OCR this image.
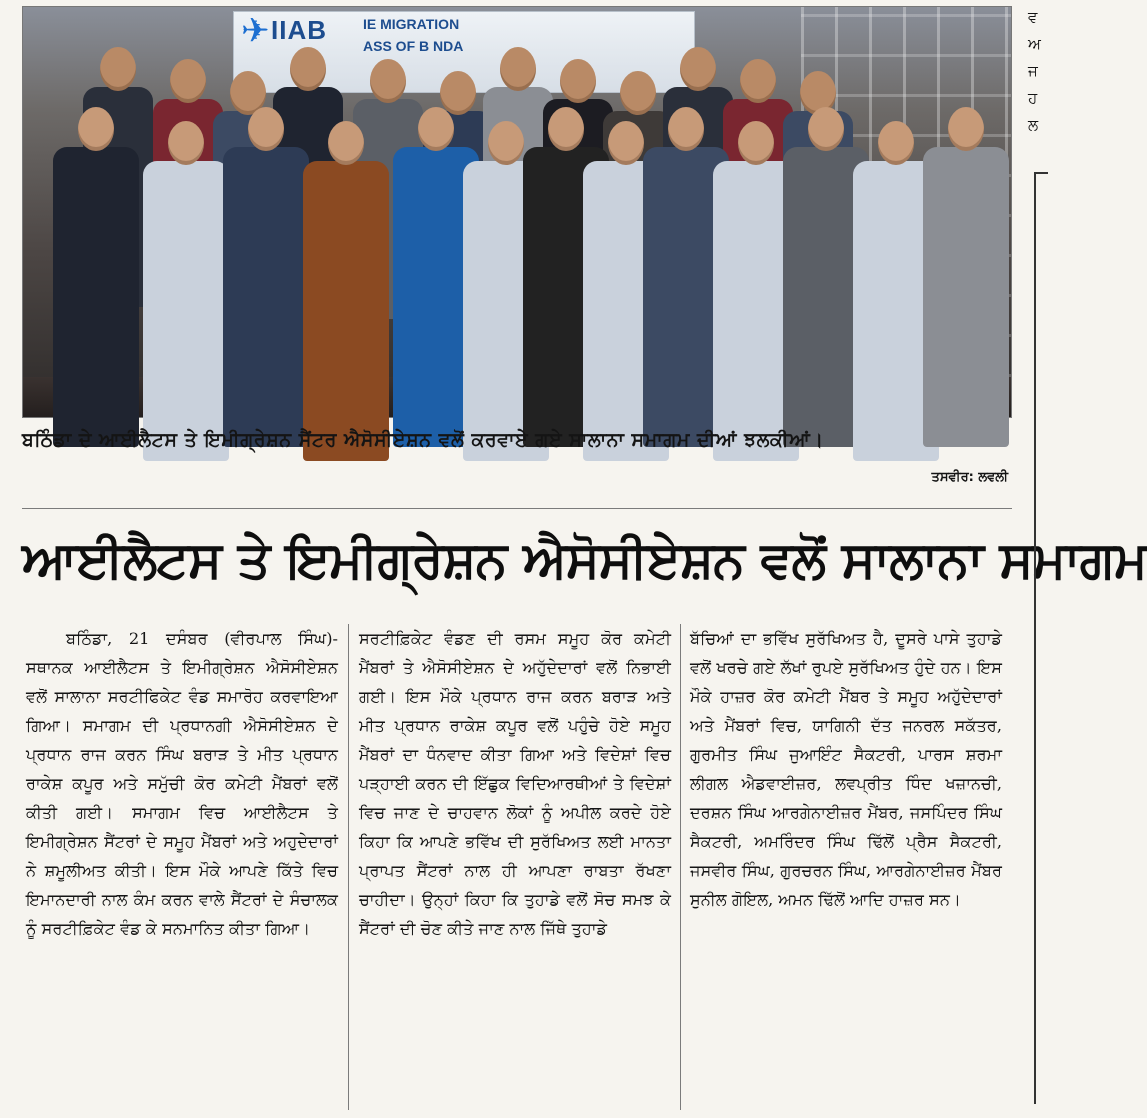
✈ IIAB	IE MIGRATION
ASS OF B NDA
ਬਠਿੰਡਾ ਦੇ ਆਈਲੈਟਸ ਤੇ ਇਮੀਗ੍ਰੇਸ਼ਨ ਸੈਂਟਰ ਐਸੋਸੀਏਸ਼ਨ ਵਲੋਂ ਕਰਵਾਏ ਗਏ ਸਾਲਾਨਾ ਸਮਾਗਮ ਦੀਆਂ ਝਲਕੀਆਂ।
ਤਸਵੀਰ: ਲਵਲੀ
ਆਈਲੈਟਸ ਤੇ ਇਮੀਗ੍ਰੇਸ਼ਨ ਐਸੋਸੀਏਸ਼ਨ ਵਲੋਂ ਸਾਲਾਨਾ ਸਮਾਗਮ

ਬਠਿੰਡਾ, 21 ਦਸੰਬਰ (ਵੀਰਪਾਲ ਸਿੰਘ)- ਸਥਾਨਕ ਆਈਲੈਟਸ ਤੇ ਇਮੀਗ੍ਰੇਸ਼ਨ ਐਸੋਸੀਏਸ਼ਨ ਵਲੋਂ ਸਾਲਾਨਾ ਸਰਟੀਫਿਕੇਟ ਵੰਡ ਸਮਾਰੋਹ ਕਰਵਾਇਆ ਗਿਆ। ਸਮਾਗਮ ਦੀ ਪ੍ਰਧਾਨਗੀ ਐਸੋਸੀਏਸ਼ਨ ਦੇ ਪ੍ਰਧਾਨ ਰਾਜ ਕਰਨ ਸਿੰਘ ਬਰਾੜ ਤੇ ਮੀਤ ਪ੍ਰਧਾਨ ਰਾਕੇਸ਼ ਕਪੂਰ ਅਤੇ ਸਮੁੱਚੀ ਕੋਰ ਕਮੇਟੀ ਮੈਂਬਰਾਂ ਵਲੋਂ ਕੀਤੀ ਗਈ। ਸਮਾਗਮ ਵਿਚ ਆਈਲੈਟਸ ਤੇ ਇਮੀਗ੍ਰੇਸ਼ਨ ਸੈਂਟਰਾਂ ਦੇ ਸਮੂਹ ਮੈਂਬਰਾਂ ਅਤੇ ਅਹੁਦੇਦਾਰਾਂ ਨੇ ਸ਼ਮੂਲੀਅਤ ਕੀਤੀ। ਇਸ ਮੌਕੇ ਆਪਣੇ ਕਿੱਤੇ ਵਿਚ ਇਮਾਨਦਾਰੀ ਨਾਲ ਕੰਮ ਕਰਨ ਵਾਲੇ ਸੈਂਟਰਾਂ ਦੇ ਸੰਚਾਲਕ ਨੂੰ ਸਰਟੀਫ਼ਿਕੇਟ ਵੰਡ ਕੇ ਸਨਮਾਨਿਤ ਕੀਤਾ ਗਿਆ।

ਸਰਟੀਫ਼ਿਕੇਟ ਵੰਡਣ ਦੀ ਰਸਮ ਸਮੂਹ ਕੋਰ ਕਮੇਟੀ ਮੈਂਬਰਾਂ ਤੇ ਐਸੋਸੀਏਸ਼ਨ ਦੇ ਅਹੁੱਦੇਦਾਰਾਂ ਵਲੋਂ ਨਿਭਾਈ ਗਈ। ਇਸ ਮੌਕੇ ਪ੍ਰਧਾਨ ਰਾਜ ਕਰਨ ਬਰਾੜ ਅਤੇ ਮੀਤ ਪ੍ਰਧਾਨ ਰਾਕੇਸ਼ ਕਪੂਰ ਵਲੋਂ ਪਹੁੰਚੇ ਹੋਏ ਸਮੂਹ ਮੈਂਬਰਾਂ ਦਾ ਧੰਨਵਾਦ ਕੀਤਾ ਗਿਆ ਅਤੇ ਵਿਦੇਸ਼ਾਂ ਵਿਚ ਪੜ੍ਹਾਈ ਕਰਨ ਦੀ ਇੱਛੁਕ ਵਿਦਿਆਰਥੀਆਂ ਤੇ ਵਿਦੇਸ਼ਾਂ ਵਿਚ ਜਾਣ ਦੇ ਚਾਹਵਾਨ ਲੋਕਾਂ ਨੂੰ ਅਪੀਲ ਕਰਦੇ ਹੋਏ ਕਿਹਾ ਕਿ ਆਪਣੇ ਭਵਿੱਖ ਦੀ ਸੁਰੱਖਿਅਤ ਲਈ ਮਾਨਤਾ ਪ੍ਰਾਪਤ ਸੈਂਟਰਾਂ ਨਾਲ ਹੀ ਆਪਣਾ ਰਾਬਤਾ ਰੱਖਣਾ ਚਾਹੀਦਾ। ਉਨ੍ਹਾਂ ਕਿਹਾ ਕਿ ਤੁਹਾਡੇ ਵਲੋਂ ਸੋਚ ਸਮਝ ਕੇ ਸੈਂਟਰਾਂ ਦੀ ਚੋਣ ਕੀਤੇ ਜਾਣ ਨਾਲ ਜਿੱਥੇ ਤੁਹਾਡੇ

ਬੱਚਿਆਂ ਦਾ ਭਵਿੱਖ ਸੁਰੱਖਿਅਤ ਹੈ, ਦੂਸਰੇ ਪਾਸੇ ਤੁਹਾਡੇ ਵਲੋਂ ਖਰਚੇ ਗਏ ਲੱਖਾਂ ਰੁਪਏ ਸੁਰੱਖਿਅਤ ਹੁੰਦੇ ਹਨ। ਇਸ ਮੌਕੇ ਹਾਜ਼ਰ ਕੋਰ ਕਮੇਟੀ ਮੈਂਬਰ ਤੇ ਸਮੂਹ ਅਹੁੱਦੇਦਾਰਾਂ ਅਤੇ ਮੈਂਬਰਾਂ ਵਿਚ, ਯਾਗਿਨੀ ਦੱਤ ਜਨਰਲ ਸਕੱਤਰ, ਗੁਰਮੀਤ ਸਿੰਘ ਜੁਆਇੰਟ ਸੈਕਟਰੀ, ਪਾਰਸ ਸ਼ਰਮਾ ਲੀਗਲ ਐਡਵਾਈਜ਼ਰ, ਲਵਪ੍ਰੀਤ ਧਿੰਦ ਖਜ਼ਾਨਚੀ, ਦਰਸ਼ਨ ਸਿੰਘ ਆਰਗੇਨਾਈਜ਼ਰ ਮੈਂਬਰ, ਜਸਪਿੰਦਰ ਸਿੰਘ ਸੈਕਟਰੀ, ਅਮਰਿੰਦਰ ਸਿੰਘ ਢਿੱਲੋਂ ਪ੍ਰੈਸ ਸੈਕਟਰੀ, ਜਸਵੀਰ ਸਿੰਘ, ਗੁਰਚਰਨ ਸਿੰਘ, ਆਰਗੇਨਾਈਜ਼ਰ ਮੈਂਬਰ ਸੁਨੀਲ ਗੋਇਲ, ਅਮਨ ਢਿੱਲੋਂ ਆਦਿ ਹਾਜ਼ਰ ਸਨ।

ਵ
ਅ
ਜ
ਹ
ਲ
